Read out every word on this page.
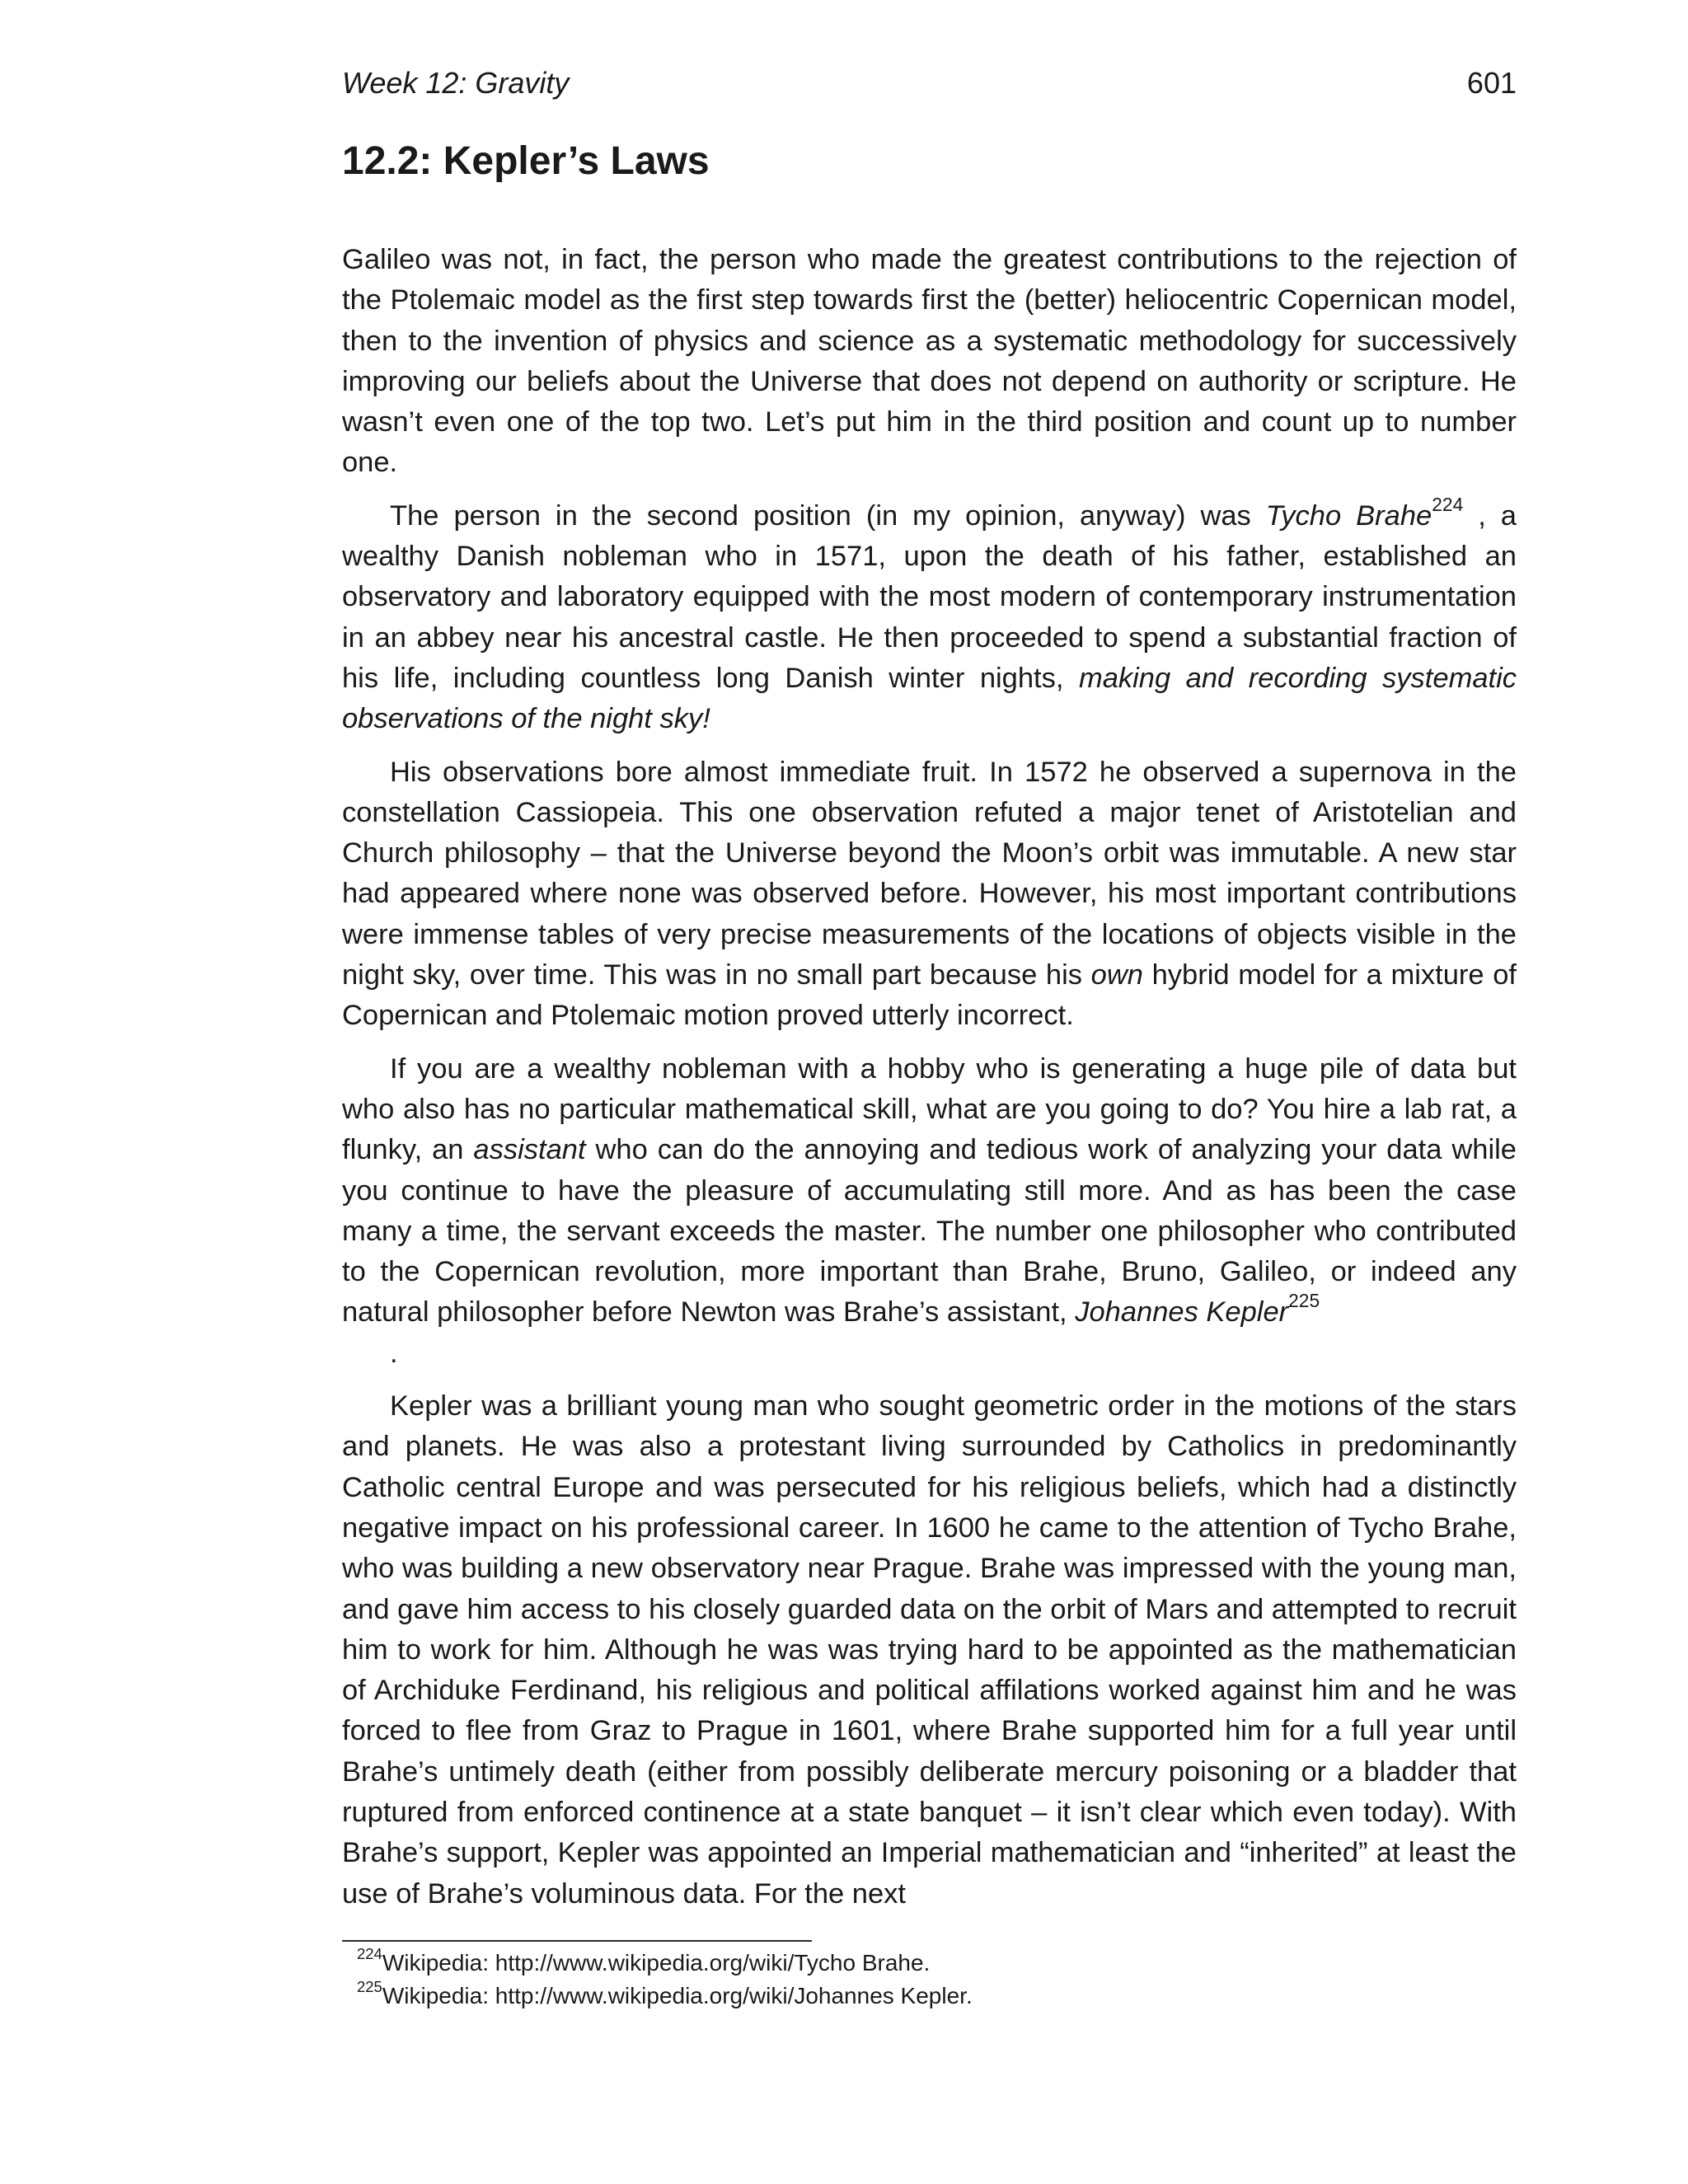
Week 12: Gravity	601
12.2: Kepler’s Laws

Galileo was not, in fact, the person who made the greatest contributions to the rejection of the Ptolemaic model as the first step towards first the (better) heliocentric Copernican model, then to the invention of physics and science as a systematic methodology for successively improving our beliefs about the Universe that does not depend on authority or scripture. He wasn’t even one of the top two. Let’s put him in the third position and count up to number one.

The person in the second position (in my opinion, anyway) was Tycho Brahe$^{224}$ , a wealthy Danish nobleman who in 1571, upon the death of his father, established an observatory and laboratory equipped with the most modern of contemporary instrumentation in an abbey near his ancestral castle. He then proceeded to spend a substantial fraction of his life, including countless long Danish winter nights, making and recording systematic observations of the night sky!

His observations bore almost immediate fruit. In 1572 he observed a supernova in the constellation Cassiopeia. This one observation refuted a major tenet of Aristotelian and Church philosophy – that the Universe beyond the Moon’s orbit was immutable. A new star had appeared where none was observed before. However, his most important contributions were immense tables of very precise measurements of the locations of objects visible in the night sky, over time. This was in no small part because his own hybrid model for a mixture of Copernican and Ptolemaic motion proved utterly incorrect.

If you are a wealthy nobleman with a hobby who is generating a huge pile of data but who also has no particular mathematical skill, what are you going to do? You hire a lab rat, a flunky, an assistant who can do the annoying and tedious work of analyzing your data while you continue to have the pleasure of accumulating still more. And as has been the case many a time, the servant exceeds the master. The number one philosopher who contributed to the Copernican revolution, more important than Brahe, Bruno, Galileo, or indeed any natural philosopher before Newton was Brahe’s assistant, Johannes Kepler$^{225}$
.

Kepler was a brilliant young man who sought geometric order in the motions of the stars and planets. He was also a protestant living surrounded by Catholics in predominantly Catholic central Europe and was persecuted for his religious beliefs, which had a distinctly negative impact on his professional career. In 1600 he came to the attention of Tycho Brahe, who was building a new observatory near Prague. Brahe was impressed with the young man, and gave him access to his closely guarded data on the orbit of Mars and attempted to recruit him to work for him. Although he was was trying hard to be appointed as the mathematician of Archiduke Ferdinand, his religious and political affilations worked against him and he was forced to flee from Graz to Prague in 1601, where Brahe supported him for a full year until Brahe’s untimely death (either from possibly deliberate mercury poisoning or a bladder that ruptured from enforced continence at a state banquet – it isn’t clear which even today). With Brahe’s support, Kepler was appointed an Imperial mathematician and “inherited” at least the use of Brahe’s voluminous data. For the next

$^{224}$Wikipedia: http://www.wikipedia.org/wiki/Tycho Brahe.

$^{225}$Wikipedia: http://www.wikipedia.org/wiki/Johannes Kepler.
